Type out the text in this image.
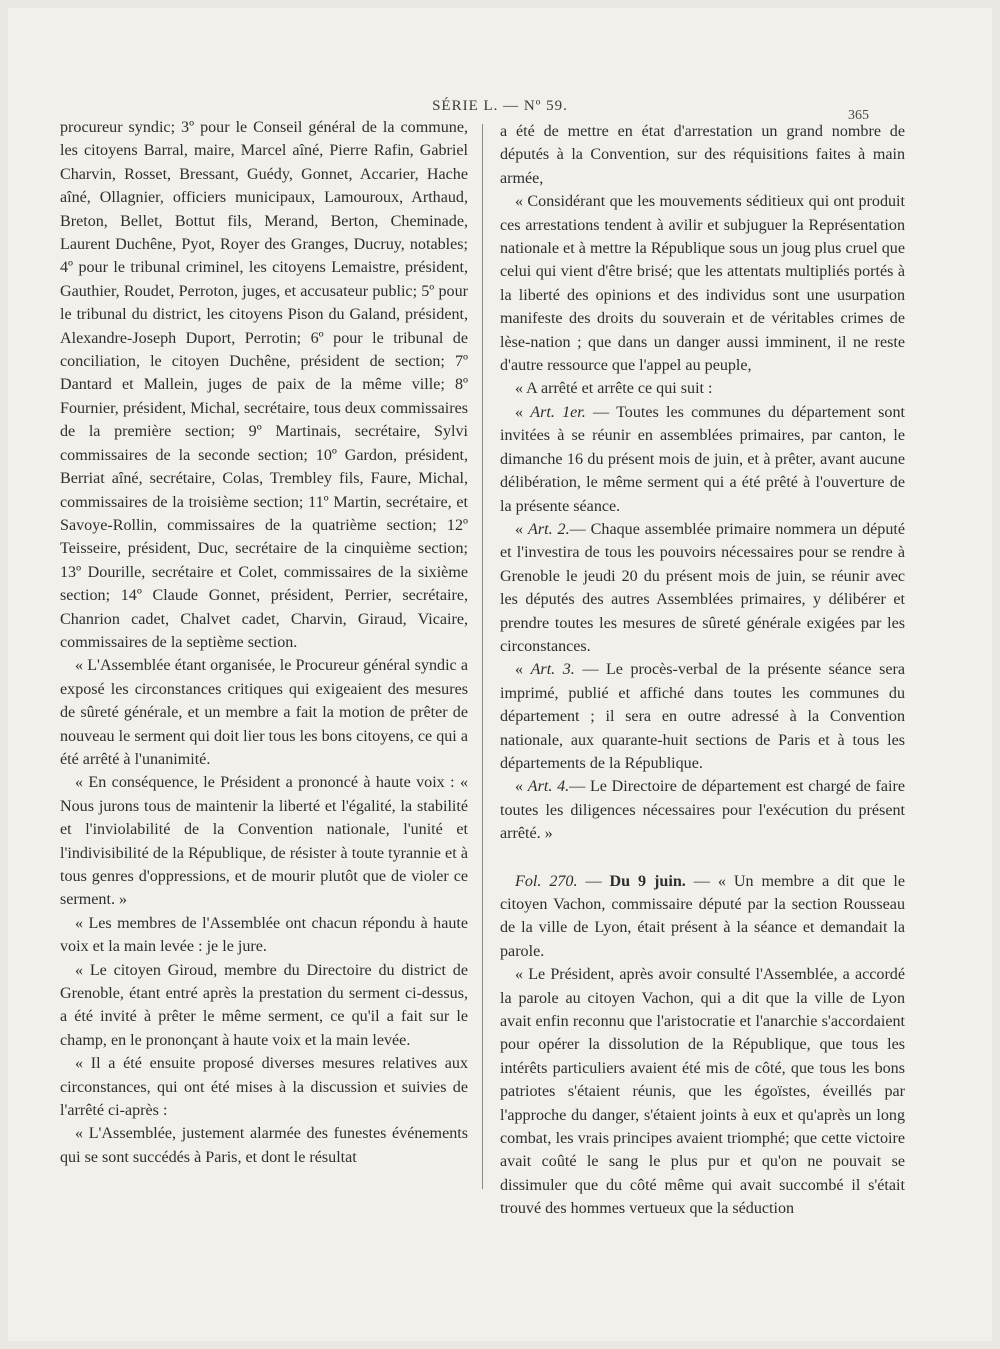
SÉRIE L. — Nº 59.
365

procureur syndic; 3º pour le Conseil général de la commune, les citoyens Barral, maire, Marcel aîné, Pierre Rafin, Gabriel Charvin, Rosset, Bressant, Guédy, Gonnet, Accarier, Hache aîné, Ollagnier, officiers municipaux, Lamouroux, Arthaud, Breton, Bellet, Bottut fils, Merand, Berton, Cheminade, Laurent Duchêne, Pyot, Royer des Granges, Ducruy, notables; 4º pour le tribunal criminel, les citoyens Lemaistre, président, Gauthier, Roudet, Perroton, juges, et accusateur public; 5º pour le tribunal du district, les citoyens Pison du Galand, président, Alexandre-Joseph Duport, Perrotin; 6º pour le tribunal de conciliation, le citoyen Duchêne, président de section; 7º Dantard et Mallein, juges de paix de la même ville; 8º Fournier, président, Michal, secrétaire, tous deux commissaires de la première section; 9º Martinais, secrétaire, Sylvi commissaires de la seconde section; 10º Gardon, président, Berriat aîné, secrétaire, Colas, Trembley fils, Faure, Michal, commissaires de la troisième section; 11º Martin, secrétaire, et Savoye-Rollin, commissaires de la quatrième section; 12º Teisseire, président, Duc, secrétaire de la cinquième section; 13º Dourille, secrétaire et Colet, commissaires de la sixième section; 14º Claude Gonnet, président, Perrier, secrétaire, Chanrion cadet, Chalvet cadet, Charvin, Giraud, Vicaire, commissaires de la septième section.

« L'Assemblée étant organisée, le Procureur général syndic a exposé les circonstances critiques qui exigeaient des mesures de sûreté générale, et un membre a fait la motion de prêter de nouveau le serment qui doit lier tous les bons citoyens, ce qui a été arrêté à l'unanimité.

« En conséquence, le Président a prononcé à haute voix : « Nous jurons tous de maintenir la liberté et l'égalité, la stabilité et l'inviolabilité de la Convention nationale, l'unité et l'indivisibilité de la République, de résister à toute tyrannie et à tous genres d'oppressions, et de mourir plutôt que de violer ce serment. »

« Les membres de l'Assemblée ont chacun répondu à haute voix et la main levée : je le jure.

« Le citoyen Giroud, membre du Directoire du district de Grenoble, étant entré après la prestation du serment ci-dessus, a été invité à prêter le même serment, ce qu'il a fait sur le champ, en le prononçant à haute voix et la main levée.

« Il a été ensuite proposé diverses mesures relatives aux circonstances, qui ont été mises à la discussion et suivies de l'arrêté ci-après :

« L'Assemblée, justement alarmée des funestes événements qui se sont succédés à Paris, et dont le résultat

a été de mettre en état d'arrestation un grand nombre de députés à la Convention, sur des réquisitions faites à main armée,

« Considérant que les mouvements séditieux qui ont produit ces arrestations tendent à avilir et subjuguer la Représentation nationale et à mettre la République sous un joug plus cruel que celui qui vient d'être brisé; que les attentats multipliés portés à la liberté des opinions et des individus sont une usurpation manifeste des droits du souverain et de véritables crimes de lèse-nation ; que dans un danger aussi imminent, il ne reste d'autre ressource que l'appel au peuple,

« A arrêté et arrête ce qui suit :

« Art. 1er. — Toutes les communes du département sont invitées à se réunir en assemblées primaires, par canton, le dimanche 16 du présent mois de juin, et à prêter, avant aucune délibération, le même serment qui a été prêté à l'ouverture de la présente séance.

« Art. 2.— Chaque assemblée primaire nommera un député et l'investira de tous les pouvoirs nécessaires pour se rendre à Grenoble le jeudi 20 du présent mois de juin, se réunir avec les députés des autres Assemblées primaires, y délibérer et prendre toutes les mesures de sûreté générale exigées par les circonstances.

« Art. 3. — Le procès-verbal de la présente séance sera imprimé, publié et affiché dans toutes les communes du département ; il sera en outre adressé à la Convention nationale, aux quarante-huit sections de Paris et à tous les départements de la République.

« Art. 4.— Le Directoire de département est chargé de faire toutes les diligences nécessaires pour l'exécution du présent arrêté. »

Fol. 270. — Du 9 juin. — « Un membre a dit que le citoyen Vachon, commissaire député par la section Rousseau de la ville de Lyon, était présent à la séance et demandait la parole.

« Le Président, après avoir consulté l'Assemblée, a accordé la parole au citoyen Vachon, qui a dit que la ville de Lyon avait enfin reconnu que l'aristocratie et l'anarchie s'accordaient pour opérer la dissolution de la République, que tous les intérêts particuliers avaient été mis de côté, que tous les bons patriotes s'étaient réunis, que les égoïstes, éveillés par l'approche du danger, s'étaient joints à eux et qu'après un long combat, les vrais principes avaient triomphé; que cette victoire avait coûté le sang le plus pur et qu'on ne pouvait se dissimuler que du côté même qui avait succombé il s'était trouvé des hommes vertueux que la séduction
